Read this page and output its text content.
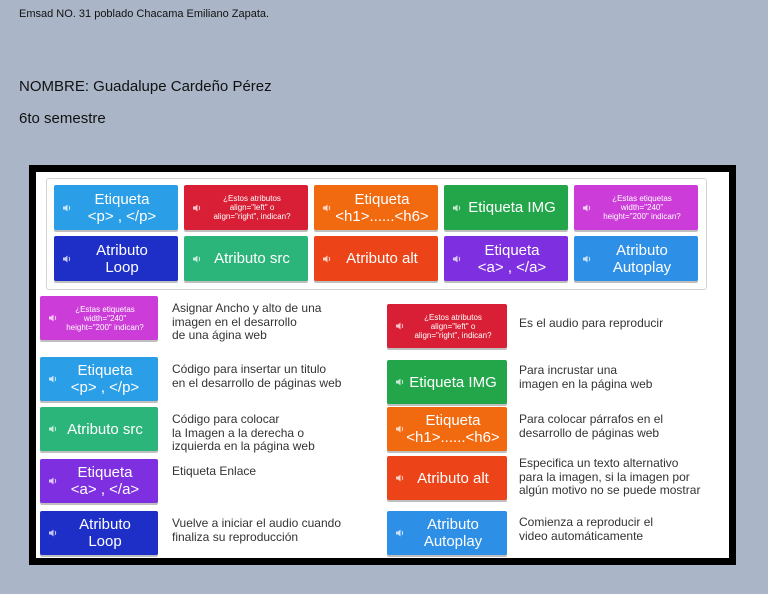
Emsad NO. 31 poblado Chacama Emiliano Zapata.
NOMBRE: Guadalupe Cardeño Pérez
6to semestre
Etiqueta
<p> , </p>
¿Estos atributos
align="left" o
align="right", indican?
Etiqueta
<h1>......<h6>	Etiqueta IMG
¿Estas etiquetas
width="240"
height="200" indican?
Atributo
Loop	Atributo src	Atributo alt	Etiqueta
<a> , </a>
Atributo
Autoplay
¿Estas etiquetas
width="240"
height="200" indican?
Asignar Ancho y alto de una
imagen en el desarrollo
de una ágina web
Etiqueta
<p> , </p>
Código para insertar un titulo
en el desarrollo de páginas web
Atributo src
Código para colocar
la Imagen a la derecha o
izquierda en la página web
Etiqueta
<a> , </a>
Etiqueta Enlace
Atributo
Loop
Vuelve a iniciar el audio cuando
finaliza su reproducción
¿Estos atributos
align="left" o
align="right", indican?
Es el audio para reproducir
Etiqueta IMG
Para incrustar una
imagen en la página web
Etiqueta
<h1>......<h6>
Para colocar párrafos en el
desarrollo de páginas web
Atributo alt
Especifica un texto alternativo
para la imagen, si la imagen por
algún motivo no se puede mostrar
Atributo
Autoplay
Comienza a reproducir el
video automáticamente
